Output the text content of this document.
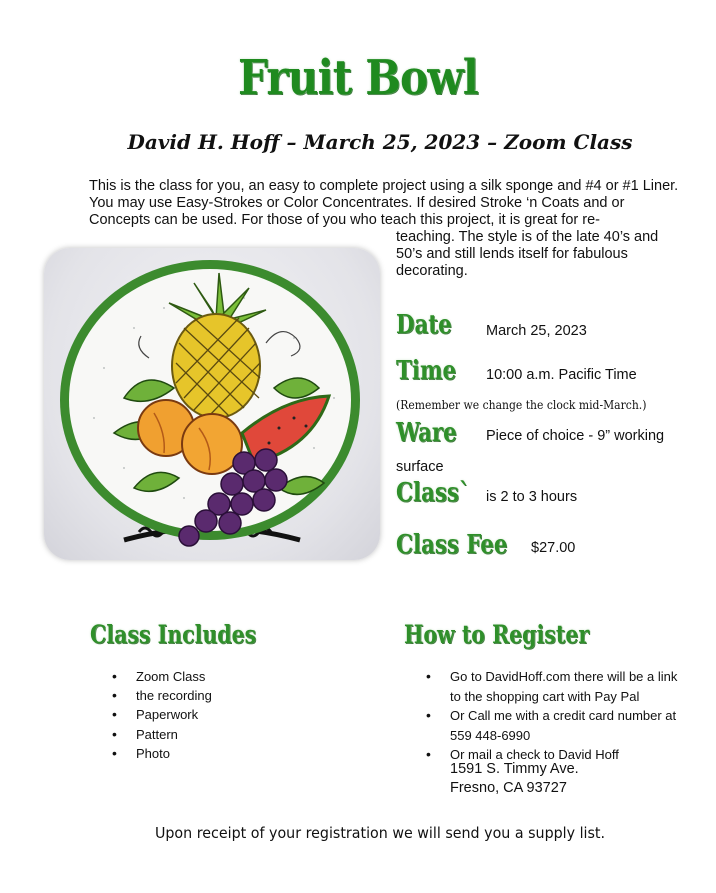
Fruit Bowl
David H. Hoff – March 25, 2023 – Zoom Class
This is the class for you, an easy to complete project using a silk sponge and #4 or #1 Liner. You may use Easy-Strokes or Color Concentrates. If desired Stroke ‘n Coats and or Concepts can be used. For those of you who teach this project, it is great for re-
teaching. The style is of the late 40’s and 50’s and still lends itself for fabulous decorating.
Date March 25, 2023
Time 10:00 a.m. Pacific Time
(Remember we change the clock mid-March.)
Ware Piece of choice - 9” working
surface
Class` is 2 to 3 hours
Class Fee $27.00
Class Includes
• Zoom Class
• the recording
• Paperwork
• Pattern
• Photo
How to Register
• Go to DavidHoff.com there will be a link to the shopping cart with Pay Pal
• Or Call me with a credit card number at 559 448-6990
• Or mail a check to David Hoff
1591 S. Timmy Ave.
Fresno, CA 93727
Upon receipt of your registration we will send you a supply list.
